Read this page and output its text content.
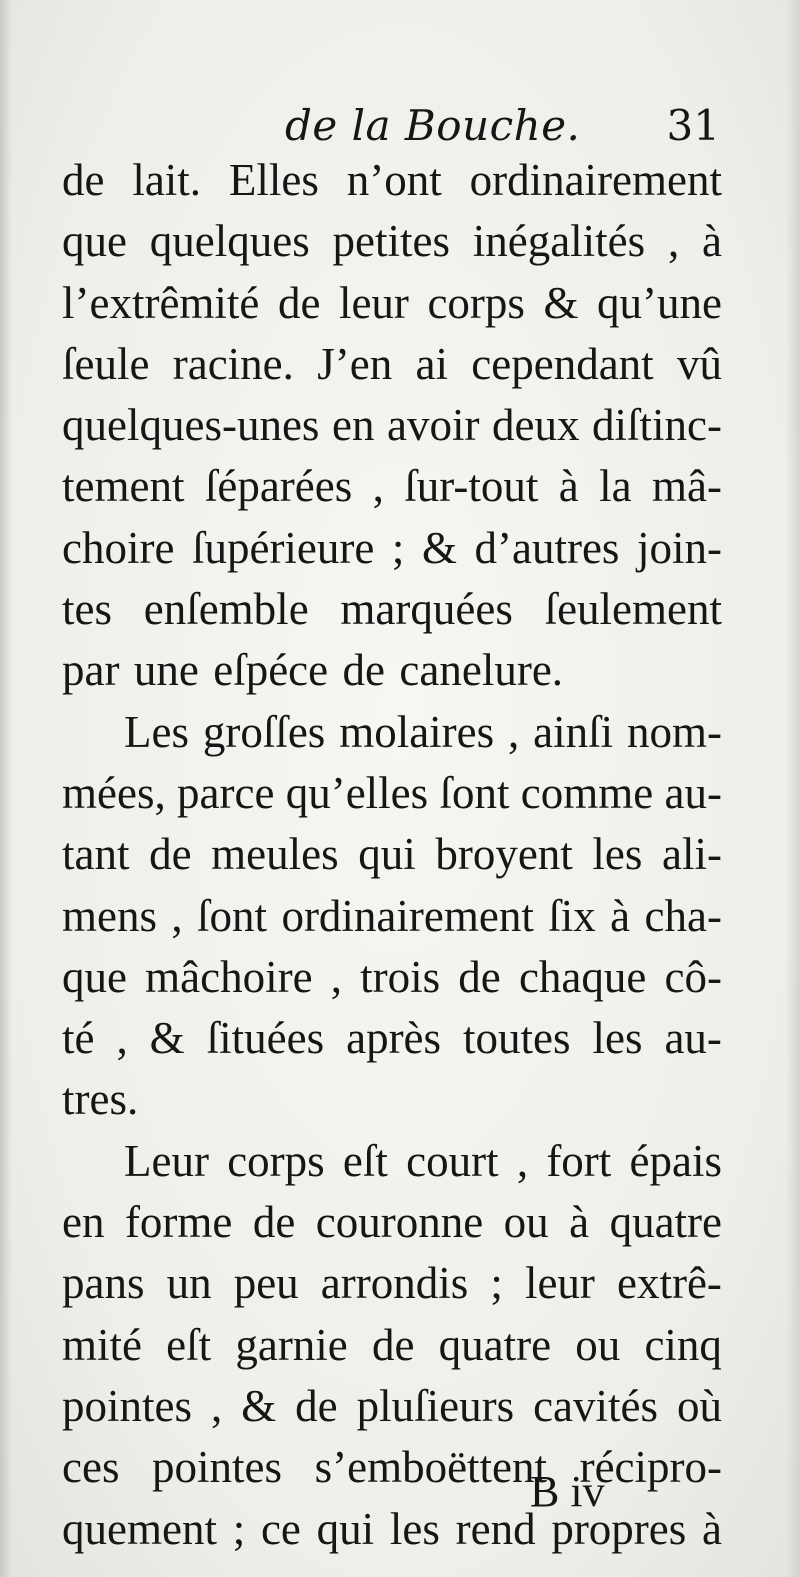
de la Bouche. 31
de lait. Elles n’ont ordinairement
que quelques petites inégalités , à
l’extrêmité de leur corps & qu’une
ſeule racine. J’en ai cependant vû
quelques-unes en avoir deux diſtinc-
tement ſéparées , ſur-tout à la mâ-
choire ſupérieure ; & d’autres join-
tes enſemble marquées ſeulement
par une eſpéce de canelure.
Les groſſes molaires , ainſi nom-
mées, parce qu’elles ſont comme au-
tant de meules qui broyent les ali-
mens , ſont ordinairement ſix à cha-
que mâchoire , trois de chaque cô-
té , & ſituées après toutes les au-
tres.
Leur corps eſt court , fort épais
en forme de couronne ou à quatre
pans un peu arrondis ; leur extrê-
mité eſt garnie de quatre ou cinq
pointes , & de pluſieurs cavités où
ces pointes s’emboëttent récipro-
quement ; ce qui les rend propres à
B iv
